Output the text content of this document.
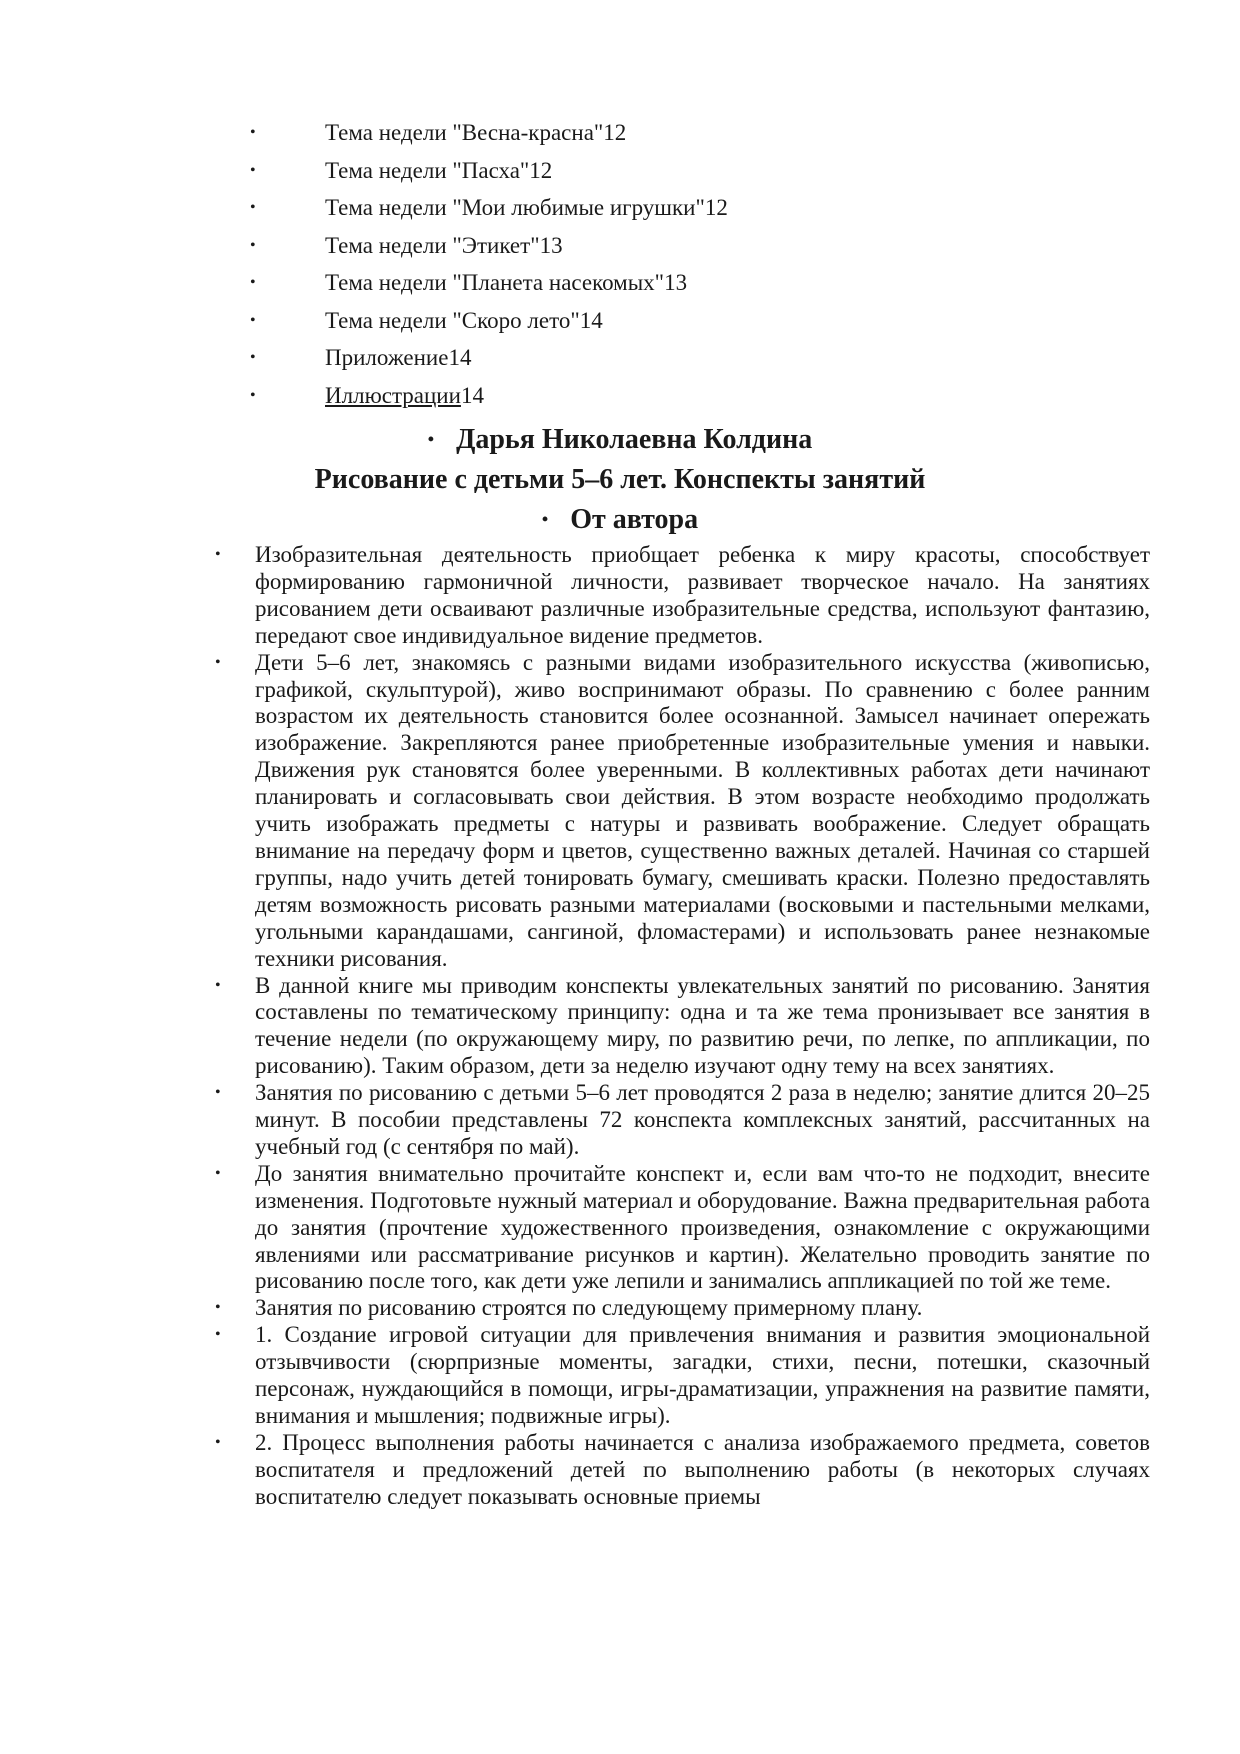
•	Тема недели "Весна-красна"12
•	Тема недели "Пасха"12
•	Тема недели "Мои любимые игрушки"12
•	Тема недели "Этикет"13
•	Тема недели "Планета насекомых"13
•	Тема недели "Скоро лето"14
•	Приложение14
•	Иллюстрации14
• Дарья Николаевна Колдина
Рисование с детьми 5–6 лет. Конспекты занятий
• От автора
• Изобразительная деятельность приобщает ребенка к миру красоты, способствует формированию гармоничной личности, развивает творческое начало. На занятиях рисованием дети осваивают различные изобразительные средства, используют фантазию, передают свое индивидуальное видение предметов.
• Дети 5–6 лет, знакомясь с разными видами изобразительного искусства (живописью, графикой, скульптурой), живо воспринимают образы. По сравнению с более ранним возрастом их деятельность становится более осознанной. Замысел начинает опережать изображение. Закрепляются ранее приобретенные изобразительные умения и навыки. Движения рук становятся более уверенными. В коллективных работах дети начинают планировать и согласовывать свои действия. В этом возрасте необходимо продолжать учить изображать предметы с натуры и развивать воображение. Следует обращать внимание на передачу форм и цветов, существенно важных деталей. Начиная со старшей группы, надо учить детей тонировать бумагу, смешивать краски. Полезно предоставлять детям возможность рисовать разными материалами (восковыми и пастельными мелками, угольными карандашами, сангиной, фломастерами) и использовать ранее незнакомые техники рисования.
• В данной книге мы приводим конспекты увлекательных занятий по рисованию. Занятия составлены по тематическому принципу: одна и та же тема пронизывает все занятия в течение недели (по окружающему миру, по развитию речи, по лепке, по аппликации, по рисованию). Таким образом, дети за неделю изучают одну тему на всех занятиях.
• Занятия по рисованию с детьми 5–6 лет проводятся 2 раза в неделю; занятие длится 20–25 минут. В пособии представлены 72 конспекта комплексных занятий, рассчитанных на учебный год (с сентября по май).
• До занятия внимательно прочитайте конспект и, если вам что-то не подходит, внесите изменения. Подготовьте нужный материал и оборудование. Важна предварительная работа до занятия (прочтение художественного произведения, ознакомление с окружающими явлениями или рассматривание рисунков и картин). Желательно проводить занятие по рисованию после того, как дети уже лепили и занимались аппликацией по той же теме.
• Занятия по рисованию строятся по следующему примерному плану.
• 1. Создание игровой ситуации для привлечения внимания и развития эмоциональной отзывчивости (сюрпризные моменты, загадки, стихи, песни, потешки, сказочный персонаж, нуждающийся в помощи, игры-драматизации, упражнения на развитие памяти, внимания и мышления; подвижные игры).
• 2. Процесс выполнения работы начинается с анализа изображаемого предмета, советов воспитателя и предложений детей по выполнению работы (в некоторых случаях воспитателю следует показывать основные приемы
